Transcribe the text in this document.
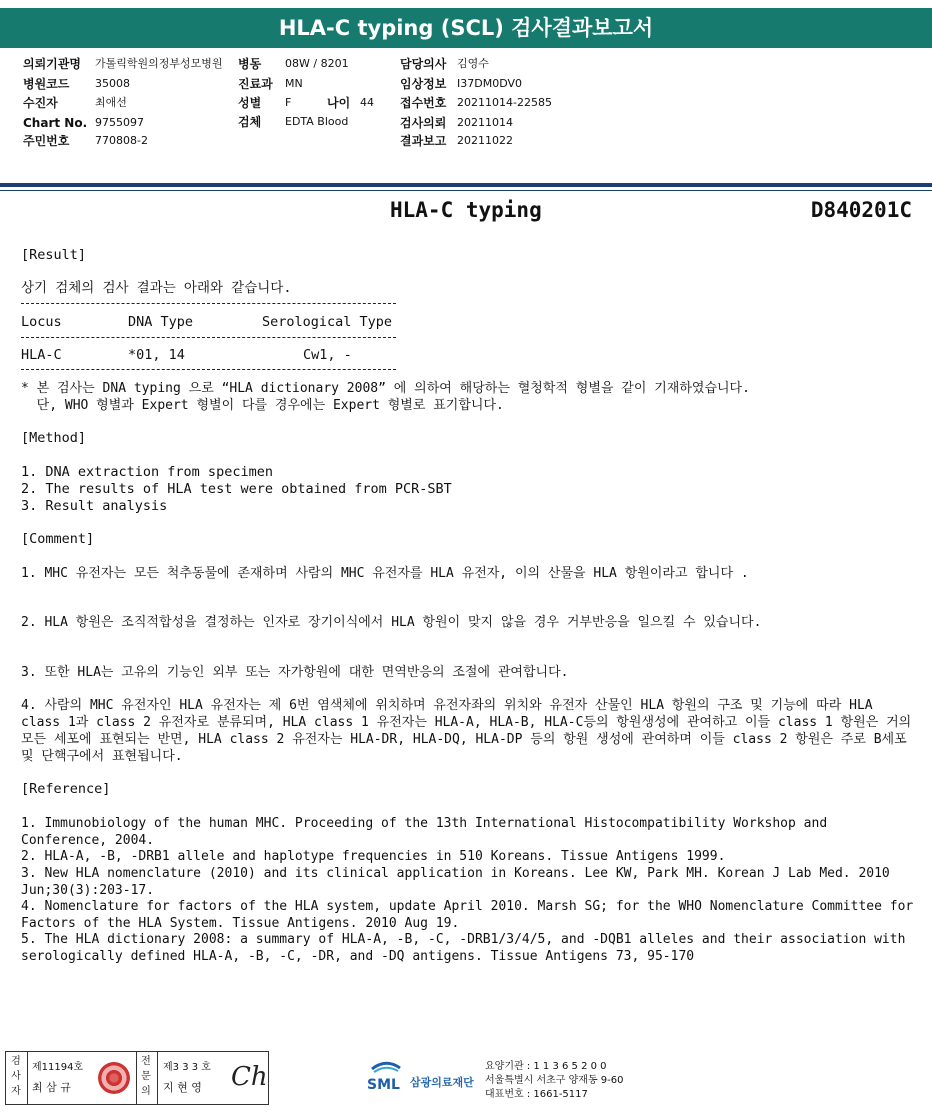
HLA-C typing (SCL) 검사결과보고서
의뢰기관명 가톨릭학원의정부성모병원 병동 08W / 8201	담당의사 김영수
병원코드 35008	진료과 MN	임상정보 I37DM0DV0
수진자	최애선	성별 F	나이 44 접수번호 20211014-22585
Chart No. 9755097	검체 EDTA Blood	검사의뢰 20211014
주민번호 770808-2	결과보고 20211022
HLA-C typing	D840201C
[Result]
상기 검체의 검사 결과는 아래와 같습니다.
Locus	DNA Type	Serological Type
HLA-C	*01, 14	Cw1, -
* 본 검사는 DNA typing 으로 “HLA dictionary 2008” 에 의하여 해당하는 혈청학적 형별을 같이 기재하였습니다.
단, WHO 형별과 Expert 형별이 다를 경우에는 Expert 형별로 표기합니다.
[Method]
1. DNA extraction from specimen
2. The results of HLA test were obtained from PCR-SBT
3. Result analysis
[Comment]
1. MHC 유전자는 모든 척추동물에 존재하며 사람의 MHC 유전자를 HLA 유전자, 이의 산물을 HLA 항원이라고 합니다 .
2. HLA 항원은 조직적합성을 결정하는 인자로 장기이식에서 HLA 항원이 맞지 않을 경우 거부반응을 일으킬 수 있습니다.
3. 또한 HLA는 고유의 기능인 외부 또는 자가항원에 대한 면역반응의 조절에 관여합니다.
4. 사람의 MHC 유전자인 HLA 유전자는 제 6번 염색체에 위치하며 유전자좌의 위치와 유전자 산물인 HLA 항원의 구조 및 기능에 따라 HLA class 1과 class 2 유전자로 분류되며, HLA class 1 유전자는 HLA-A, HLA-B, HLA-C등의 항원생성에 관여하고 이들 class 1 항원은 거의 모든 세포에 표현되는 반면, HLA class 2 유전자는 HLA-DR, HLA-DQ, HLA-DP 등의 항원 생성에 관여하며 이들 class 2 항원은 주로 B세포 및 단핵구에서 표현됩니다.
[Reference]
1. Immunobiology of the human MHC. Proceeding of the 13th International Histocompatibility Workshop and Conference, 2004.
2. HLA-A, -B, -DRB1 allele and haplotype frequencies in 510 Koreans. Tissue Antigens 1999.
3. New HLA nomenclature (2010) and its clinical application in Koreans. Lee KW, Park MH. Korean J Lab Med. 2010 Jun;30(3):203-17.
4. Nomenclature for factors of the HLA system, update April 2010. Marsh SG; for the WHO Nomenclature Committee for Factors of the HLA System. Tissue Antigens. 2010 Aug 19.
5. The HLA dictionary 2008: a summary of HLA-A, -B, -C, -DRB1/3/4/5, and -DQB1 alleles and their association with serologically defined HLA-A, -B, -C, -DR, and -DQ antigens. Tissue Antigens 73, 95-170
검사자
제11194호
최 삼 규
전문의
제3 3 3 호
지 현 영 Ch	SML 삼광의료재단
요양기관 : 1 1 3 6 5 2 0 0
서울특별시 서초구 양재동 9-60
대표번호 : 1661-5117
